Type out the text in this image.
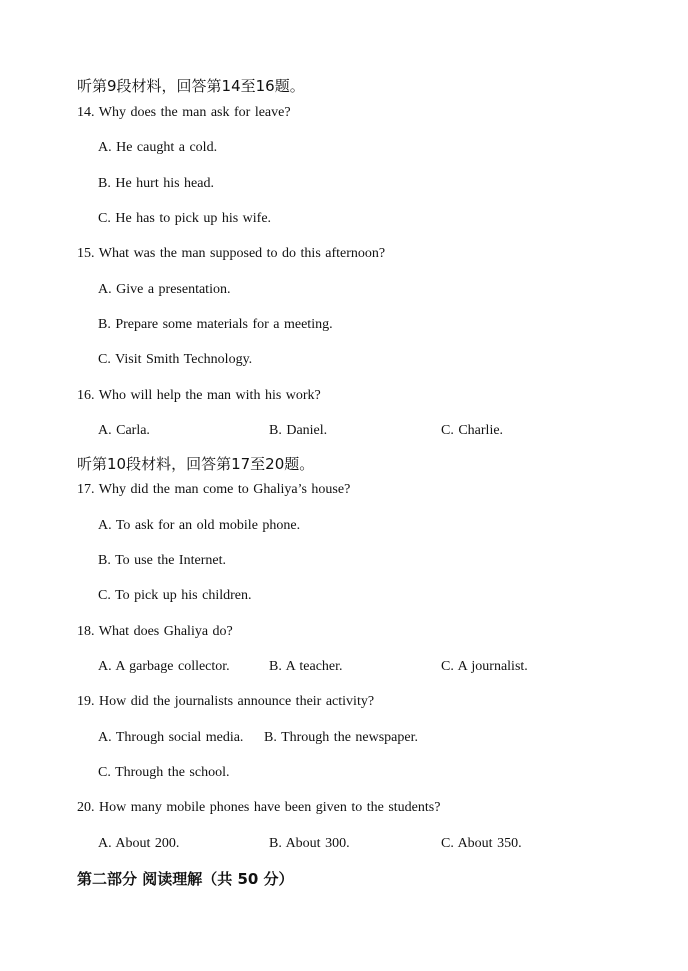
听第9段材料，回答第14至16题。
14. Why does the man ask for leave?
A. He caught a cold.
B. He hurt his head.
C. He has to pick up his wife.
15. What was the man supposed to do this afternoon?
A. Give a presentation.
B. Prepare some materials for a meeting.
C. Visit Smith Technology.
16. Who will help the man with his work?
A. Carla.	B. Daniel.	C. Charlie.
听第10段材料，回答第17至20题。
17. Why did the man come to Ghaliya’s house?
A. To ask for an old mobile phone.
B. To use the Internet.
C. To pick up his children.
18. What does Ghaliya do?
A. A garbage collector.	B. A teacher.	C. A journalist.
19. How did the journalists announce their activity?
A. Through social media. B. Through the newspaper.
C. Through the school.
20. How many mobile phones have been given to the students?
A. About 200.	B. About 300.	C. About 350.
第二部分 阅读理解（共 50 分）
